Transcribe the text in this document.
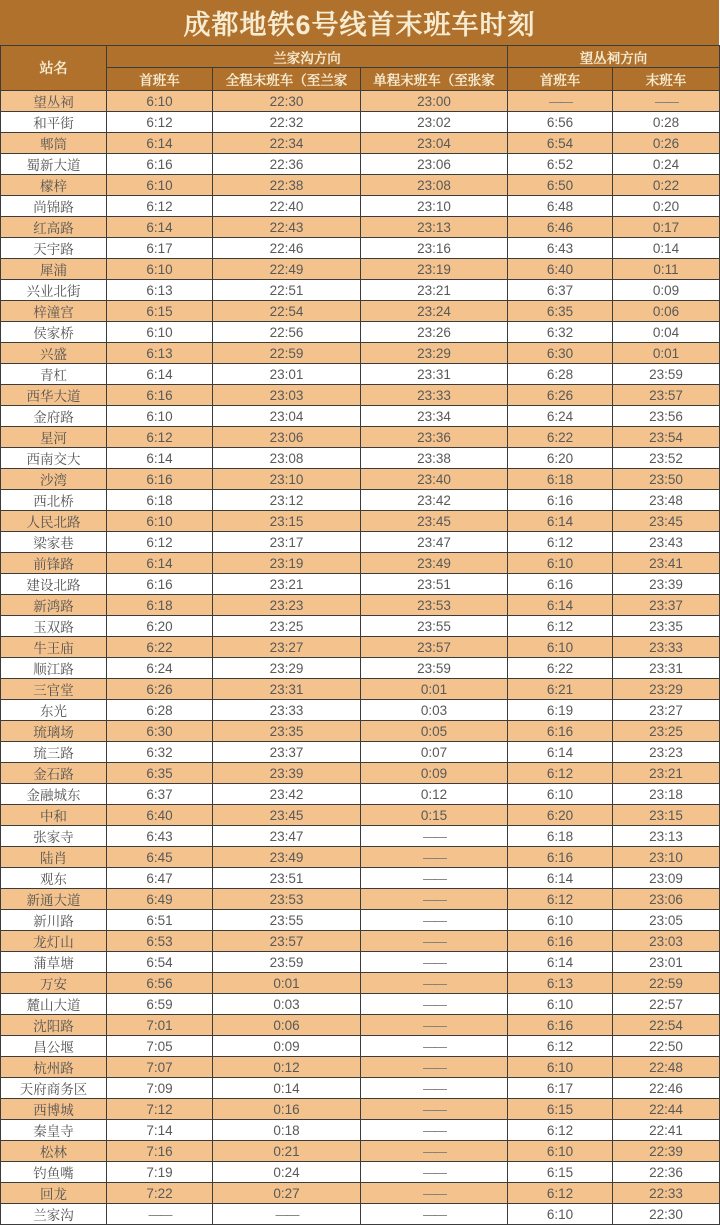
成都地铁6号线首末班车时刻
站名	兰家沟方向			望丛祠方向	
	首班车	全程末班车（至兰家	单程末班车（至张家	首班车	末班车
望丛祠	6:10	22:30	23:00	——	——
和平街	6:12	22:32	23:02	6:56	0:28
郫筒	6:14	22:34	23:04	6:54	0:26
蜀新大道	6:16	22:36	23:06	6:52	0:24
檬梓	6:10	22:38	23:08	6:50	0:22
尚锦路	6:12	22:40	23:10	6:48	0:20
红高路	6:14	22:43	23:13	6:46	0:17
天宇路	6:17	22:46	23:16	6:43	0:14
犀浦	6:10	22:49	23:19	6:40	0:11
兴业北街	6:13	22:51	23:21	6:37	0:09
梓潼宫	6:15	22:54	23:24	6:35	0:06
侯家桥	6:10	22:56	23:26	6:32	0:04
兴盛	6:13	22:59	23:29	6:30	0:01
青杠	6:14	23:01	23:31	6:28	23:59
西华大道	6:16	23:03	23:33	6:26	23:57
金府路	6:10	23:04	23:34	6:24	23:56
星河	6:12	23:06	23:36	6:22	23:54
西南交大	6:14	23:08	23:38	6:20	23:52
沙湾	6:16	23:10	23:40	6:18	23:50
西北桥	6:18	23:12	23:42	6:16	23:48
人民北路	6:10	23:15	23:45	6:14	23:45
梁家巷	6:12	23:17	23:47	6:12	23:43
前锋路	6:14	23:19	23:49	6:10	23:41
建设北路	6:16	23:21	23:51	6:16	23:39
新鸿路	6:18	23:23	23:53	6:14	23:37
玉双路	6:20	23:25	23:55	6:12	23:35
牛王庙	6:22	23:27	23:57	6:10	23:33
顺江路	6:24	23:29	23:59	6:22	23:31
三官堂	6:26	23:31	0:01	6:21	23:29
东光	6:28	23:33	0:03	6:19	23:27
琉璃场	6:30	23:35	0:05	6:16	23:25
琉三路	6:32	23:37	0:07	6:14	23:23
金石路	6:35	23:39	0:09	6:12	23:21
金融城东	6:37	23:42	0:12	6:10	23:18
中和	6:40	23:45	0:15	6:20	23:15
张家寺	6:43	23:47	——	6:18	23:13
陆肖	6:45	23:49	——	6:16	23:10
观东	6:47	23:51	——	6:14	23:09
新通大道	6:49	23:53	——	6:12	23:06
新川路	6:51	23:55	——	6:10	23:05
龙灯山	6:53	23:57	——	6:16	23:03
蒲草塘	6:54	23:59	——	6:14	23:01
万安	6:56	0:01	——	6:13	22:59
麓山大道	6:59	0:03	——	6:10	22:57
沈阳路	7:01	0:06	——	6:16	22:54
昌公堰	7:05	0:09	——	6:12	22:50
杭州路	7:07	0:12	——	6:10	22:48
天府商务区	7:09	0:14	——	6:17	22:46
西博城	7:12	0:16	——	6:15	22:44
秦皇寺	7:14	0:18	——	6:12	22:41
松林	7:16	0:21	——	6:10	22:39
钓鱼嘴	7:19	0:24	——	6:15	22:36
回龙	7:22	0:27	——	6:12	22:33
兰家沟	——	——	——	6:10	22:30
